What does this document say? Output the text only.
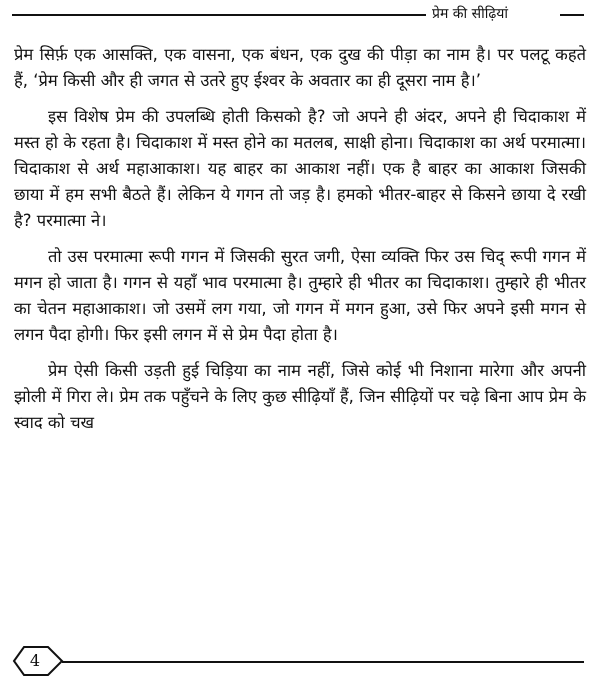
प्रेम की सीढ़ियां

प्रेम सिर्फ़ एक आसक्ति, एक वासना, एक बंधन, एक दुख की पीड़ा का नाम है। पर पलटू कहते हैं, ‘प्रेम किसी और ही जगत से उतरे हुए ईश्वर के अवतार का ही दूसरा नाम है।’

इस विशेष प्रेम की उपलब्धि होती किसको है? जो अपने ही अंदर, अपने ही चिदाकाश में मस्त हो के रहता है। चिदाकाश में मस्त होने का मतलब, साक्षी होना। चिदाकाश का अर्थ परमात्मा। चिदाकाश से अर्थ महाआकाश। यह बाहर का आकाश नहीं। एक है बाहर का आकाश जिसकी छाया में हम सभी बैठते हैं। लेकिन ये गगन तो जड़ है। हमको भीतर-बाहर से किसने छाया दे रखी है? परमात्मा ने।

तो उस परमात्मा रूपी गगन में जिसकी सुरत जगी, ऐसा व्यक्ति फिर उस चिद् रूपी गगन में मगन हो जाता है। गगन से यहाँ भाव परमात्मा है। तुम्हारे ही भीतर का चिदाकाश। तुम्हारे ही भीतर का चेतन महाआकाश। जो उसमें लग गया, जो गगन में मगन हुआ, उसे फिर अपने इसी मगन से लगन पैदा होगी। फिर इसी लगन में से प्रेम पैदा होता है।

प्रेम ऐसी किसी उड़ती हुई चिड़िया का नाम नहीं, जिसे कोई भी निशाना मारेगा और अपनी झोली में गिरा ले। प्रेम तक पहुँचने के लिए कुछ सीढ़ियाँ हैं, जिन सीढ़ियों पर चढ़े बिना आप प्रेम के स्वाद को चख

4
